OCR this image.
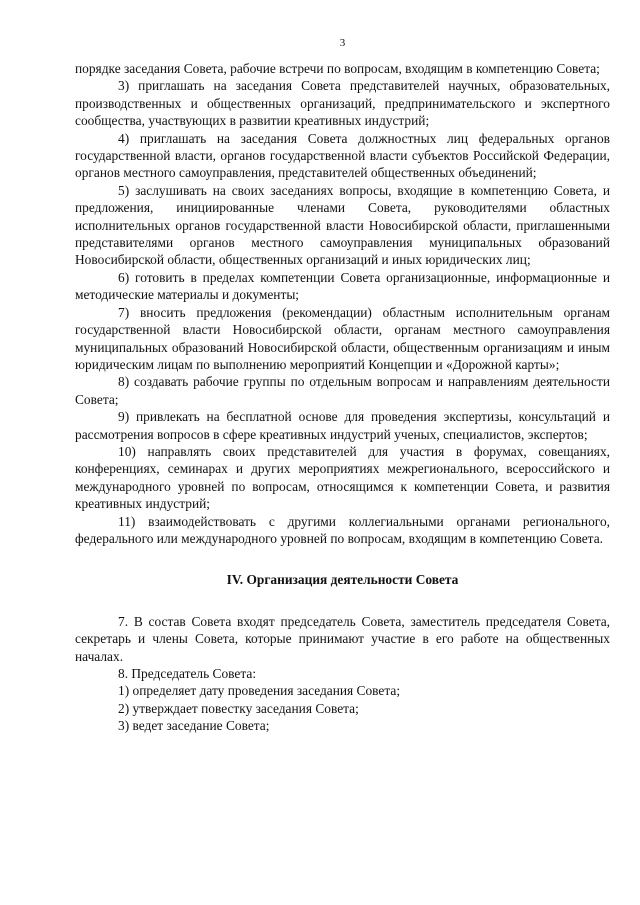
3

порядке заседания Совета, рабочие встречи по вопросам, входящим в компетенцию Совета;

3) приглашать на заседания Совета представителей научных, образовательных, производственных и общественных организаций, предпринимательского и экспертного сообщества, участвующих в развитии креативных индустрий;

4) приглашать на заседания Совета должностных лиц федеральных органов государственной власти, органов государственной власти субъектов Российской Федерации, органов местного самоуправления, представителей общественных объединений;

5) заслушивать на своих заседаниях вопросы, входящие в компетенцию Совета, и предложения, инициированные членами Совета, руководителями областных исполнительных органов государственной власти Новосибирской области, приглашенными представителями органов местного самоуправления муниципальных образований Новосибирской области, общественных организаций и иных юридических лиц;

6) готовить в пределах компетенции Совета организационные, информационные и методические материалы и документы;

7) вносить предложения (рекомендации) областным исполнительным органам государственной власти Новосибирской области, органам местного самоуправления муниципальных образований Новосибирской области, общественным организациям и иным юридическим лицам по выполнению мероприятий Концепции и «Дорожной карты»;

8) создавать рабочие группы по отдельным вопросам и направлениям деятельности Совета;

9) привлекать на бесплатной основе для проведения экспертизы, консультаций и рассмотрения вопросов в сфере креативных индустрий ученых, специалистов, экспертов;

10) направлять своих представителей для участия в форумах, совещаниях, конференциях, семинарах и других мероприятиях межрегионального, всероссийского и международного уровней по вопросам, относящимся к компетенции Совета, и развития креативных индустрий;

11) взаимодействовать с другими коллегиальными органами регионального, федерального или международного уровней по вопросам, входящим в компетенцию Совета.

IV. Организация деятельности Совета

7. В состав Совета входят председатель Совета, заместитель председателя Совета, секретарь и члены Совета, которые принимают участие в его работе на общественных началах.

8. Председатель Совета:

1) определяет дату проведения заседания Совета;

2) утверждает повестку заседания Совета;

3) ведет заседание Совета;
